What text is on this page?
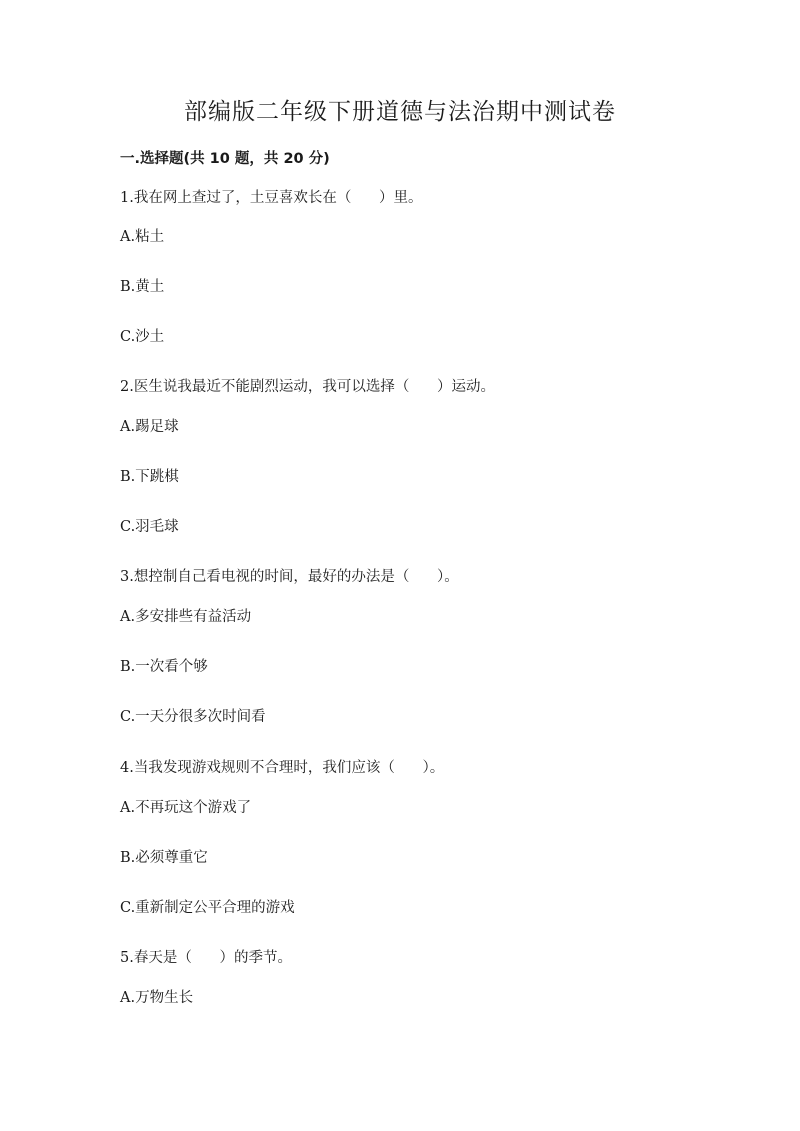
部编版二年级下册道德与法治期中测试卷
一.选择题(共 10 题，共 20 分)
1.我在网上查过了，土豆喜欢长在（      ）里。
A.粘土
B.黄土
C.沙土
2.医生说我最近不能剧烈运动，我可以选择（      ）运动。
A.踢足球
B.下跳棋
C.羽毛球
3.想控制自己看电视的时间，最好的办法是（      ）。
A.多安排些有益活动
B.一次看个够
C.一天分很多次时间看
4.当我发现游戏规则不合理时，我们应该（      ）。
A.不再玩这个游戏了
B.必须尊重它
C.重新制定公平合理的游戏
5.春天是（      ）的季节。
A.万物生长
